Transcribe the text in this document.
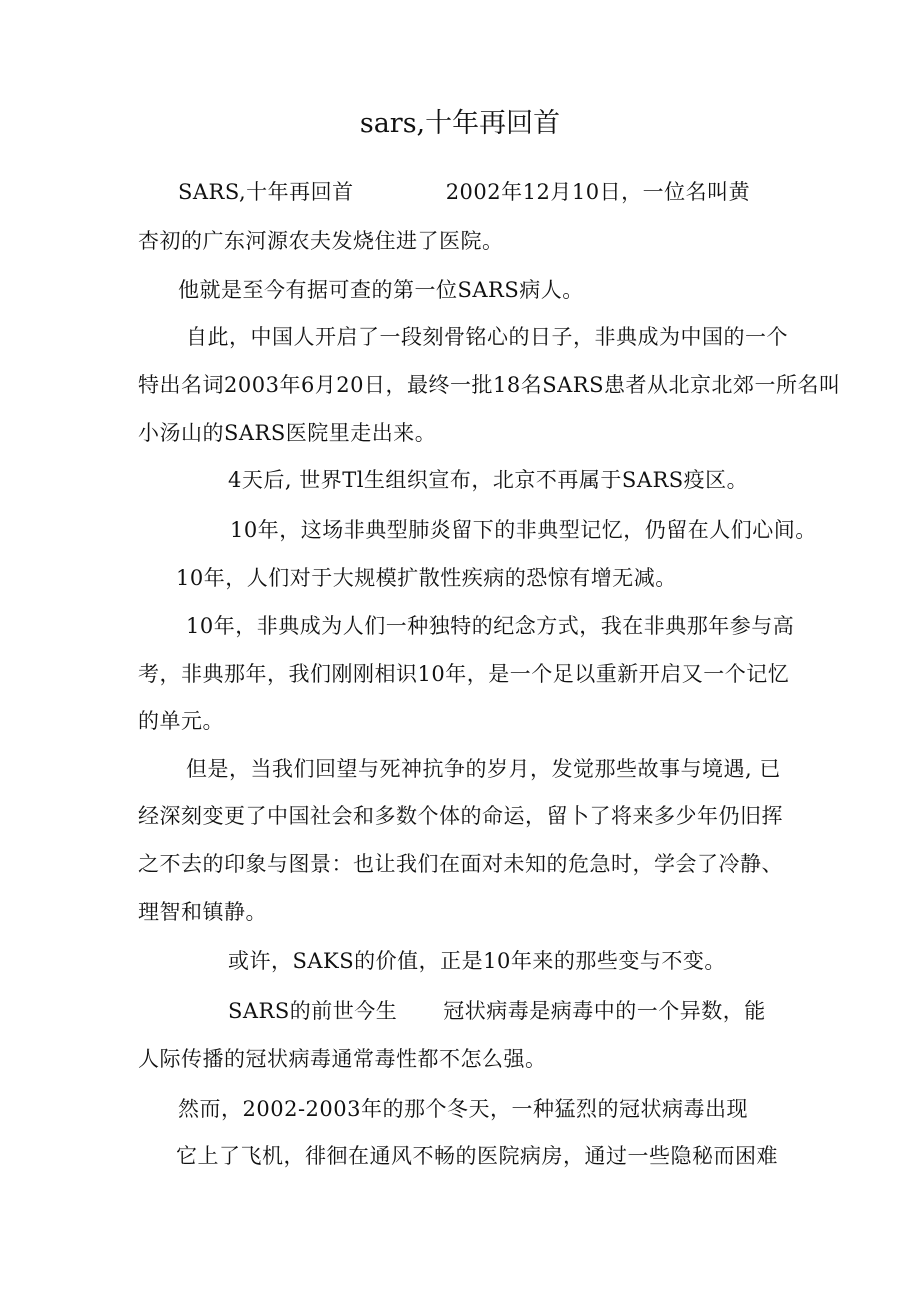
sars,十年再回首
SARS,十年再回首	2002年12月10日，一位名叫黄
杏初的广东河源农夫发烧住进了医院。
他就是至今有据可查的第一位SARS病人。
自此，中国人开启了一段刻骨铭心的日子，非典成为中国的一个
特出名词2003年6月20日，最终一批18名SARS患者从北京北郊一所名叫
小汤山的SARS医院里走出来。
4天后, 世界Tl生组织宣布，北京不再属于SARS疫区。
10年，这场非典型肺炎留下的非典型记忆，仍留在人们心间。
10年，人们对于大规模扩散性疾病的恐惊有增无减。
10年，非典成为人们一种独特的纪念方式，我在非典那年参与高
考，非典那年，我们刚刚相识10年，是一个足以重新开启又一个记忆
的单元。
但是，当我们回望与死神抗争的岁月，发觉那些故事与境遇, 已
经深刻变更了中国社会和多数个体的命运，留卜了将来多少年仍旧挥
之不去的印象与图景：也让我们在面对未知的危急时，学会了冷静、
理智和镇静。
或许，SAKS的价值，正是10年来的那些变与不变。
SARS的前世今生 冠状病毒是病毒中的一个异数，能
人际传播的冠状病毒通常毒性都不怎么强。
然而，2002-2003年的那个冬天，一种猛烈的冠状病毒出现
它上了飞机，徘徊在通风不畅的医院病房，通过一些隐秘而困难
